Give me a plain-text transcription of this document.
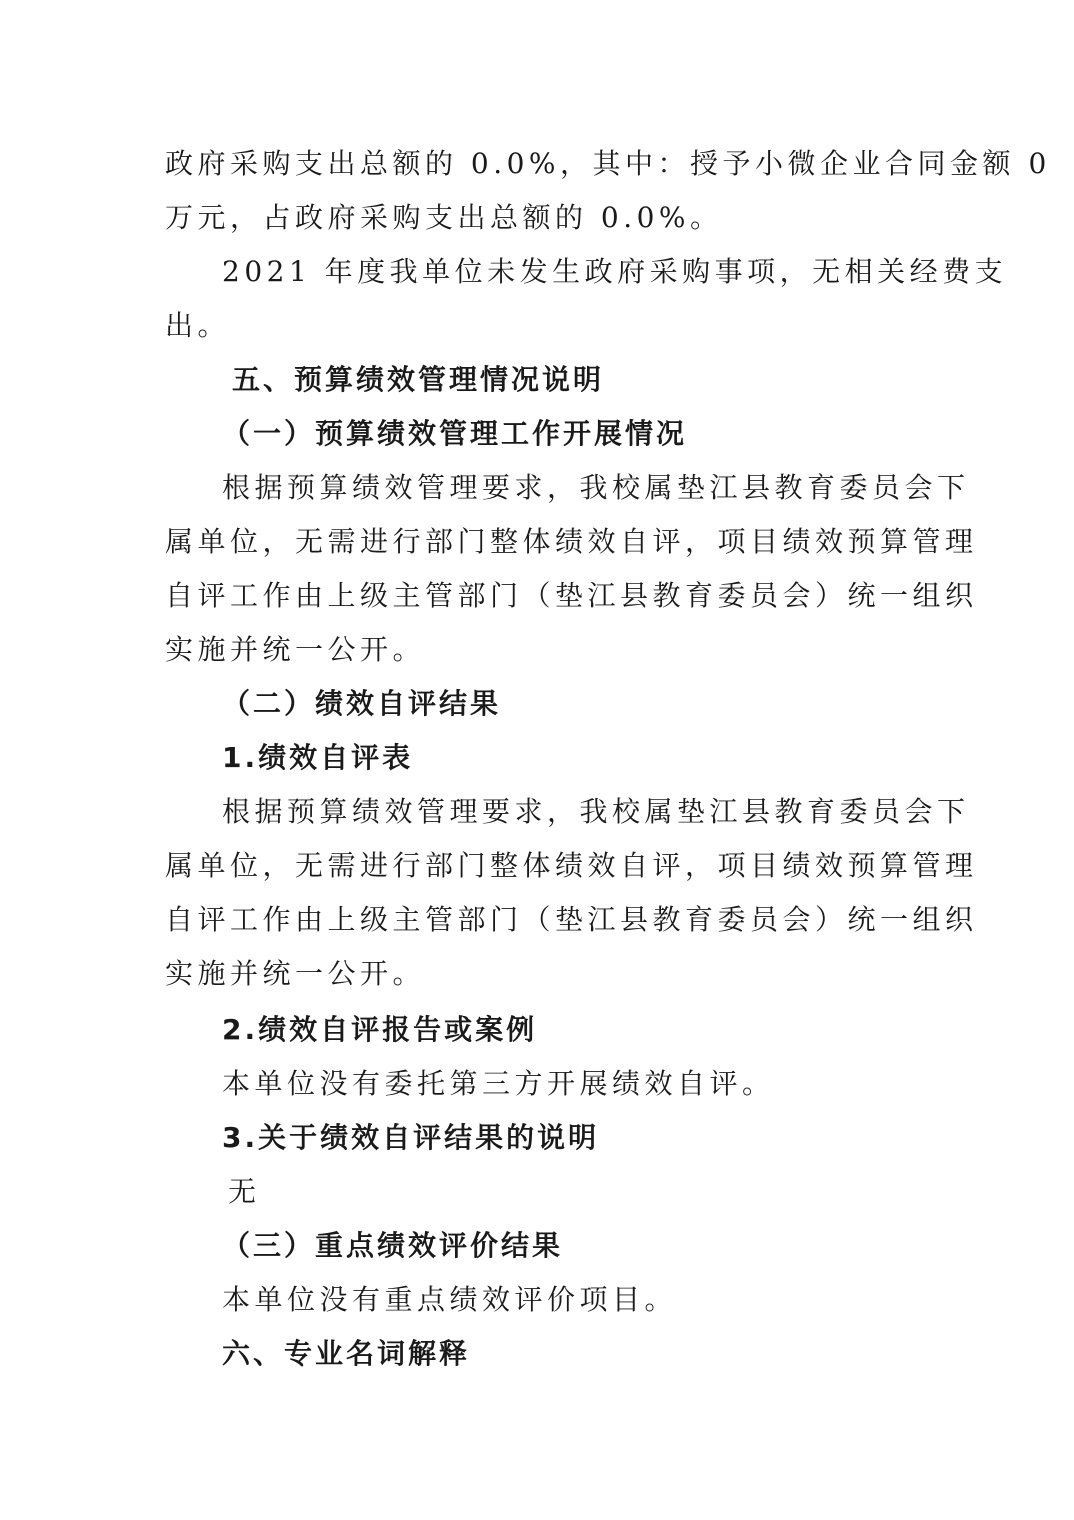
政府采购支出总额的 0.0%，其中：授予小微企业合同金额 0
万元，占政府采购支出总额的 0.0%。
2021 年度我单位未发生政府采购事项，无相关经费支
出。
五、预算绩效管理情况说明
（一）预算绩效管理工作开展情况
根据预算绩效管理要求，我校属垫江县教育委员会下
属单位，无需进行部门整体绩效自评，项目绩效预算管理
自评工作由上级主管部门（垫江县教育委员会）统一组织
实施并统一公开。
（二）绩效自评结果
1.绩效自评表
根据预算绩效管理要求，我校属垫江县教育委员会下
属单位，无需进行部门整体绩效自评，项目绩效预算管理
自评工作由上级主管部门（垫江县教育委员会）统一组织
实施并统一公开。
2.绩效自评报告或案例
本单位没有委托第三方开展绩效自评。
3.关于绩效自评结果的说明
无
（三）重点绩效评价结果
本单位没有重点绩效评价项目。
六、专业名词解释
